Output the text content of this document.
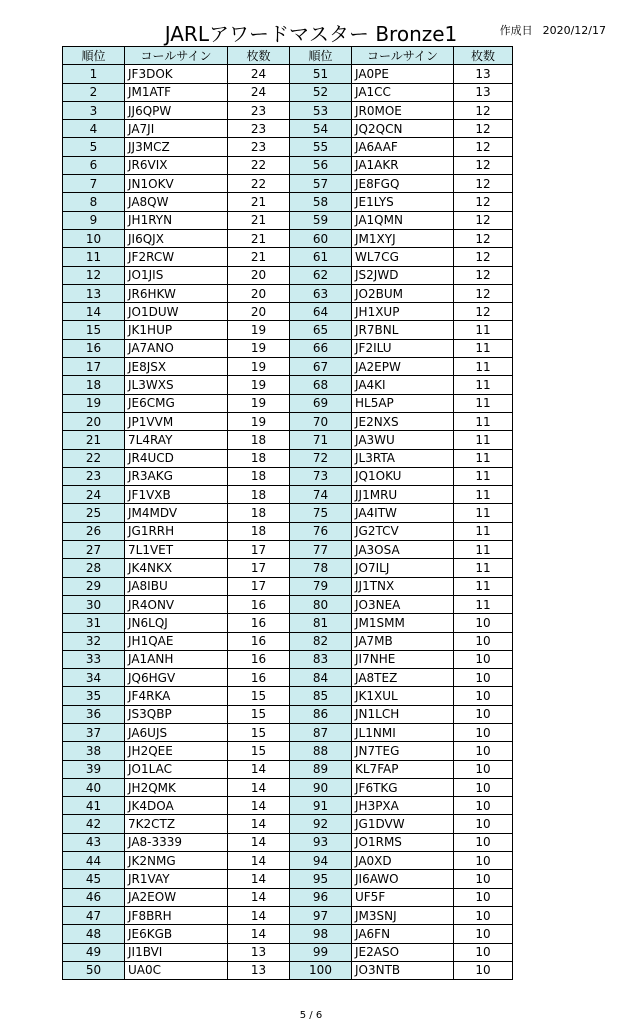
JARLアワードマスター Bronze1	作成日 2020/12/17
順位	コールサイン	枚数	順位	コールサイン	枚数
1	JF3DOK	24	51	JA0PE	13
2	JM1ATF	24	52	JA1CC	13
3	JJ6QPW	23	53	JR0MOE	12
4	JA7JI	23	54	JQ2QCN	12
5	JJ3MCZ	23	55	JA6AAF	12
6	JR6VIX	22	56	JA1AKR	12
7	JN1OKV	22	57	JE8FGQ	12
8	JA8QW	21	58	JE1LYS	12
9	JH1RYN	21	59	JA1QMN	12
10	JI6QJX	21	60	JM1XYJ	12
11	JF2RCW	21	61	WL7CG	12
12	JO1JIS	20	62	JS2JWD	12
13	JR6HKW	20	63	JO2BUM	12
14	JO1DUW	20	64	JH1XUP	12
15	JK1HUP	19	65	JR7BNL	11
16	JA7ANO	19	66	JF2ILU	11
17	JE8JSX	19	67	JA2EPW	11
18	JL3WXS	19	68	JA4KI	11
19	JE6CMG	19	69	HL5AP	11
20	JP1VVM	19	70	JE2NXS	11
21	7L4RAY	18	71	JA3WU	11
22	JR4UCD	18	72	JL3RTA	11
23	JR3AKG	18	73	JQ1OKU	11
24	JF1VXB	18	74	JJ1MRU	11
25	JM4MDV	18	75	JA4ITW	11
26	JG1RRH	18	76	JG2TCV	11
27	7L1VET	17	77	JA3OSA	11
28	JK4NKX	17	78	JO7ILJ	11
29	JA8IBU	17	79	JJ1TNX	11
30	JR4ONV	16	80	JO3NEA	11
31	JN6LQJ	16	81	JM1SMM	10
32	JH1QAE	16	82	JA7MB	10
33	JA1ANH	16	83	JI7NHE	10
34	JQ6HGV	16	84	JA8TEZ	10
35	JF4RKA	15	85	JK1XUL	10
36	JS3QBP	15	86	JN1LCH	10
37	JA6UJS	15	87	JL1NMI	10
38	JH2QEE	15	88	JN7TEG	10
39	JO1LAC	14	89	KL7FAP	10
40	JH2QMK	14	90	JF6TKG	10
41	JK4DOA	14	91	JH3PXA	10
42	7K2CTZ	14	92	JG1DVW	10
43	JA8-3339	14	93	JO1RMS	10
44	JK2NMG	14	94	JA0XD	10
45	JR1VAY	14	95	JI6AWO	10
46	JA2EOW	14	96	UF5F	10
47	JF8BRH	14	97	JM3SNJ	10
48	JE6KGB	14	98	JA6FN	10
49	JI1BVI	13	99	JE2ASO	10
50	UA0C	13	100	JO3NTB	10
5 / 6
